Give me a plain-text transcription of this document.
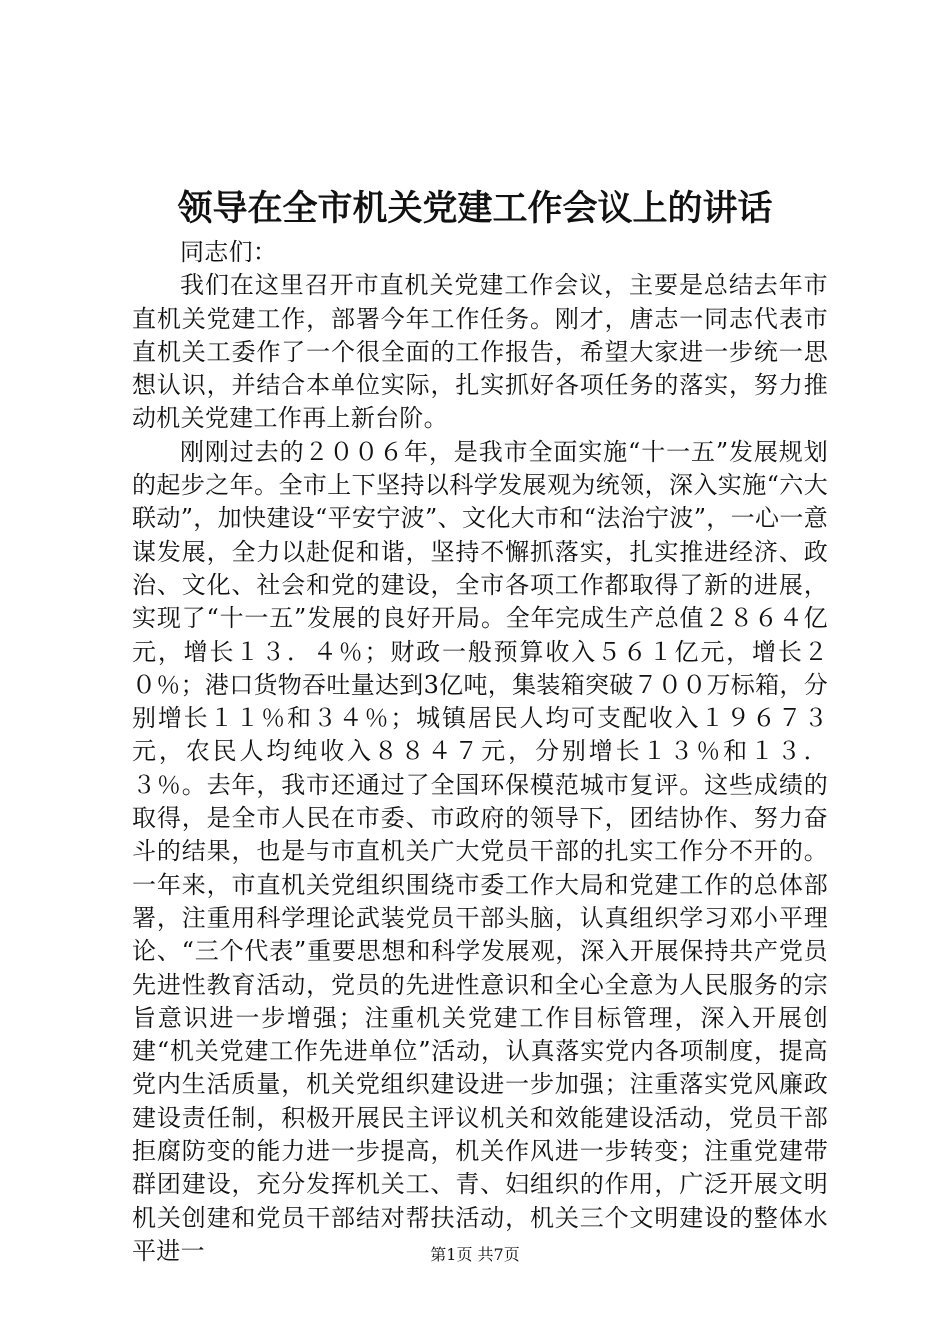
领导在全市机关党建工作会议上的讲话

同志们：

我们在这里召开市直机关党建工作会议，主要是总结去年市直机关党建工作，部署今年工作任务。刚才，唐志一同志代表市直机关工委作了一个很全面的工作报告，希望大家进一步统一思想认识，并结合本单位实际，扎实抓好各项任务的落实，努力推动机关党建工作再上新台阶。

刚刚过去的２００６年，是我市全面实施“十一五”发展规划的起步之年。全市上下坚持以科学发展观为统领，深入实施“六大联动”，加快建设“平安宁波”、文化大市和“法治宁波”，一心一意谋发展，全力以赴促和谐，坚持不懈抓落实，扎实推进经济、政治、文化、社会和党的建设，全市各项工作都取得了新的进展，实现了“十一五”发展的良好开局。全年完成生产总值２８６４亿元，增长１３．４％；财政一般预算收入５６１亿元，增长２０％；港口货物吞吐量达到3亿吨，集装箱突破７００万标箱，分别增长１１％和３４％；城镇居民人均可支配收入１９６７３元，农民人均纯收入８８４７元，分别增长１３％和１３．３％。去年，我市还通过了全国环保模范城市复评。这些成绩的取得，是全市人民在市委、市政府的领导下，团结协作、努力奋斗的结果，也是与市直机关广大党员干部的扎实工作分不开的。一年来，市直机关党组织围绕市委工作大局和党建工作的总体部署，注重用科学理论武装党员干部头脑，认真组织学习邓小平理论、“三个代表”重要思想和科学发展观，深入开展保持共产党员先进性教育活动，党员的先进性意识和全心全意为人民服务的宗旨意识进一步增强；注重机关党建工作目标管理，深入开展创建“机关党建工作先进单位”活动，认真落实党内各项制度，提高党内生活质量，机关党组织建设进一步加强；注重落实党风廉政建设责任制，积极开展民主评议机关和效能建设活动，党员干部拒腐防变的能力进一步提高，机关作风进一步转变；注重党建带群团建设，充分发挥机关工、青、妇组织的作用，广泛开展文明机关创建和党员干部结对帮扶活动，机关三个文明建设的整体水平进一	第1页 共7页
